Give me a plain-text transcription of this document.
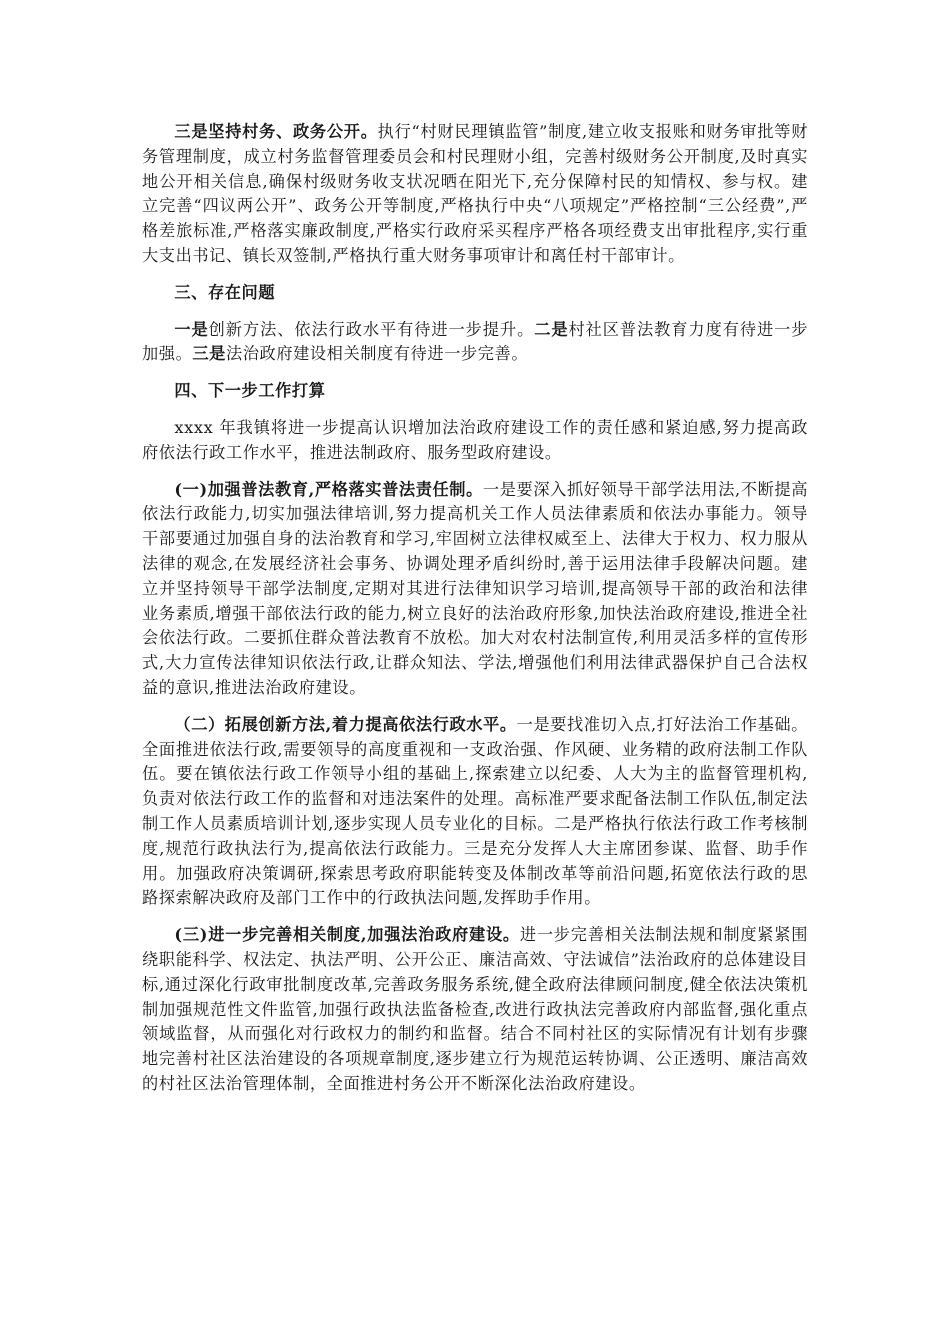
三是坚持村务、政务公开。执行“村财民理镇监管”制度,建立收支报账和财务审批等财务管理制度，成立村务监督管理委员会和村民理财小组，完善村级财务公开制度,及时真实地公开相关信息,确保村级财务收支状况晒在阳光下,充分保障村民的知情权、参与权。建立完善“四议两公开”、政务公开等制度,严格执行中央“八项规定”严格控制“三公经费”,严格差旅标准,严格落实廉政制度,严格实行政府采买程序严格各项经费支出审批程序,实行重大支出书记、镇长双签制,严格执行重大财务事项审计和离任村干部审计。

三、存在问题

一是创新方法、依法行政水平有待进一步提升。二是村社区普法教育力度有待进一步加强。三是法治政府建设相关制度有待进一步完善。

四、下一步工作打算

xxxx 年我镇将进一步提高认识增加法治政府建设工作的责任感和紧迫感,努力提高政府依法行政工作水平，推进法制政府、服务型政府建设。

(一)加强普法教育,严格落实普法责任制。一是要深入抓好领导干部学法用法,不断提高依法行政能力,切实加强法律培训,努力提高机关工作人员法律素质和依法办事能力。领导干部要通过加强自身的法治教育和学习,牢固树立法律权威至上、法律大于权力、权力服从法律的观念,在发展经济社会事务、协调处理矛盾纠纷时,善于运用法律手段解决问题。建立并坚持领导干部学法制度,定期对其进行法律知识学习培训,提高领导干部的政治和法律业务素质,增强干部依法行政的能力,树立良好的法治政府形象,加快法治政府建设,推进全社会依法行政。二要抓住群众普法教育不放松。加大对农村法制宣传,利用灵活多样的宣传形式,大力宣传法律知识依法行政,让群众知法、学法,增强他们利用法律武器保护自己合法权益的意识,推进法治政府建设。

（二）拓展创新方法,着力提高依法行政水平。一是要找准切入点,打好法治工作基础。全面推进依法行政,需要领导的高度重视和一支政治强、作风硬、业务精的政府法制工作队伍。要在镇依法行政工作领导小组的基础上,探索建立以纪委、人大为主的监督管理机构,负责对依法行政工作的监督和对违法案件的处理。高标准严要求配备法制工作队伍,制定法制工作人员素质培训计划,逐步实现人员专业化的目标。二是严格执行依法行政工作考核制度,规范行政执法行为,提高依法行政能力。三是充分发挥人大主席团参谋、监督、助手作用。加强政府决策调研,探索思考政府职能转变及体制改革等前沿问题,拓宽依法行政的思路探索解决政府及部门工作中的行政执法问题,发挥助手作用。

(三)进一步完善相关制度,加强法治政府建设。进一步完善相关法制法规和制度紧紧围绕职能科学、权法定、执法严明、公开公正、廉洁高效、守法诚信”法治政府的总体建设目标,通过深化行政审批制度改革,完善政务服务系统,健全政府法律顾问制度,健全依法决策机制加强规范性文件监管,加强行政执法监备检查,改进行政执法完善政府内部监督,强化重点领域监督，从而强化对行政权力的制约和监督。结合不同村社区的实际情况有计划有步骤地完善村社区法治建设的各项规章制度,逐步建立行为规范运转协调、公正透明、廉洁高效的村社区法治管理体制，全面推进村务公开不断深化法治政府建设。
